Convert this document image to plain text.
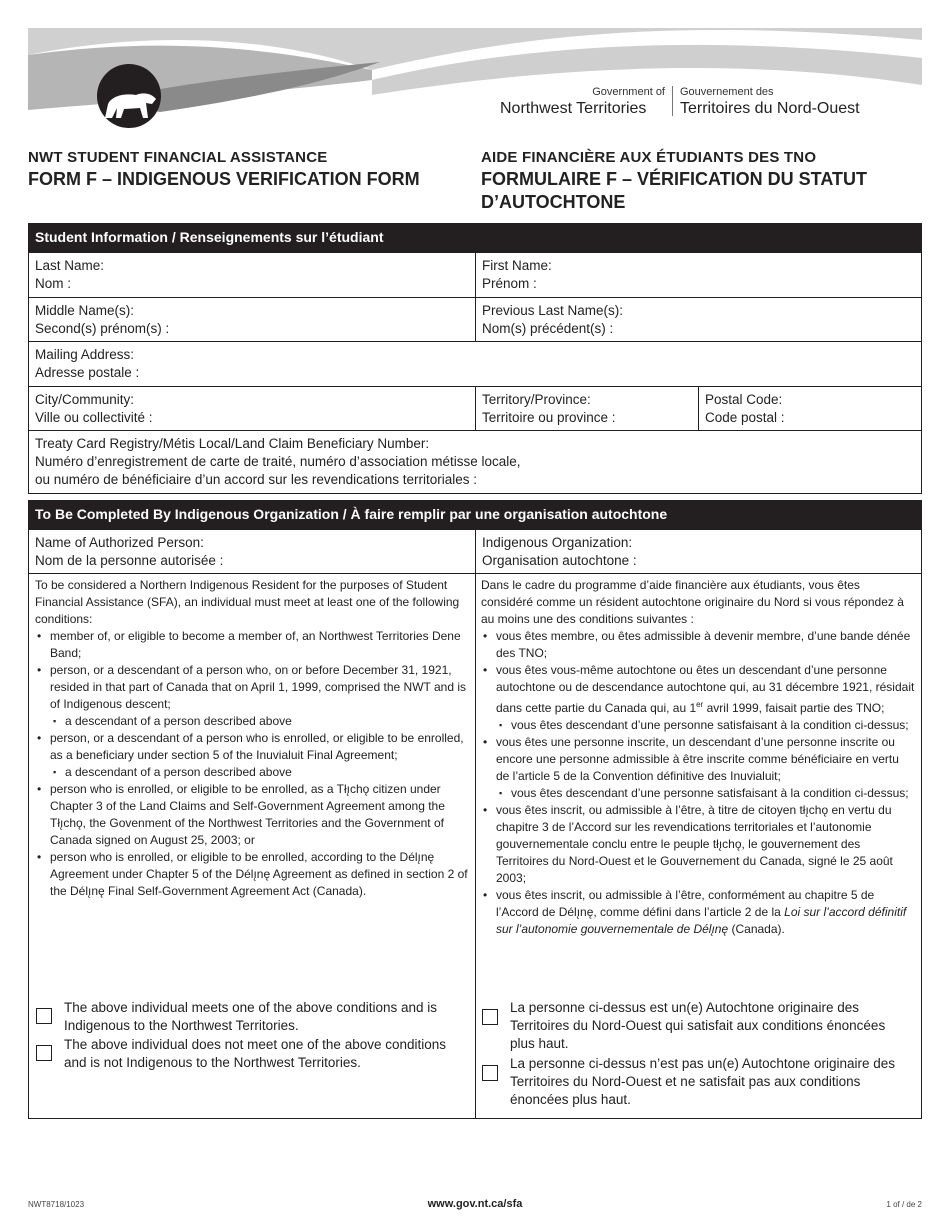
Government of
Northwest Territories
Gouvernement des
Territoires du Nord-Ouest
NWT STUDENT FINANCIAL ASSISTANCE
FORM F – INDIGENOUS VERIFICATION FORM
AIDE FINANCIÈRE AUX ÉTUDIANTS DES TNO
FORMULAIRE F – VÉRIFICATION DU STATUT D’AUTOCHTONE
Student Information / Renseignements sur l’étudiant
Last Name:
Nom :
First Name:
Prénom :
Middle Name(s):
Second(s) prénom(s) :
Previous Last Name(s):
Nom(s) précédent(s) :
Mailing Address:
Adresse postale :
City/Community:
Ville ou collectivité :
Territory/Province:
Territoire ou province :
Postal Code:
Code postal :
Treaty Card Registry/Métis Local/Land Claim Beneficiary Number:
Numéro d’enregistrement de carte de traité, numéro d’association métisse locale,
ou numéro de bénéficiaire d’un accord sur les revendications territoriales :
To Be Completed By Indigenous Organization / À faire remplir par une organisation autochtone
Name of Authorized Person:
Nom de la personne autorisée :
Indigenous Organization:
Organisation autochtone :
To be considered a Northern Indigenous Resident for the purposes of Student Financial Assistance (SFA), an individual must meet at least one of the following conditions:
• member of, or eligible to become a member of, an Northwest Territories Dene Band;
• person, or a descendant of a person who, on or before December 31, 1921, resided in that part of Canada that on April 1, 1999, comprised the NWT and is of Indigenous descent;
▪ a descendant of a person described above
• person, or a descendant of a person who is enrolled, or eligible to be enrolled, as a beneficiary under section 5 of the Inuvialuit Final Agreement;
▪ a descendant of a person described above
• person who is enrolled, or eligible to be enrolled, as a Tłı̨chǫ citizen under Chapter 3 of the Land Claims and Self-Government Agreement among the Tłı̨chǫ, the Govenment of the Northwest Territories and the Government of Canada signed on August 25, 2003; or
• person who is enrolled, or eligible to be enrolled, according to the Délı̨nę Agreement under Chapter 5 of the Délı̨nę Agreement as defined in section 2 of the Délı̨nę Final Self-Government Agreement Act (Canada).
Dans le cadre du programme d’aide financière aux étudiants, vous êtes considéré comme un résident autochtone originaire du Nord si vous répondez à au moins une des conditions suivantes :
• vous êtes membre, ou êtes admissible à devenir membre, d’une bande dénée des TNO;
• vous êtes vous-même autochtone ou êtes un descendant d’une personne autochtone ou de descendance autochtone qui, au 31 décembre 1921, résidait dans cette partie du Canada qui, au 1er avril 1999, faisait partie des TNO;
▪ vous êtes descendant d’une personne satisfaisant à la condition ci-dessus;
• vous êtes une personne inscrite, un descendant d’une personne inscrite ou encore une personne admissible à être inscrite comme bénéficiaire en vertu de l’article 5 de la Convention définitive des Inuvialuit;
▪ vous êtes descendant d’une personne satisfaisant à la condition ci-dessus;
• vous êtes inscrit, ou admissible à l’être, à titre de citoyen tłı̨chǫ en vertu du chapitre 3 de l’Accord sur les revendications territoriales et l’autonomie gouvernementale conclu entre le peuple tłı̨chǫ, le gouvernement des Territoires du Nord-Ouest et le Gouvernement du Canada, signé le 25 août 2003;
• vous êtes inscrit, ou admissible à l’être, conformément au chapitre 5 de l’Accord de Délı̨nę, comme défini dans l’article 2 de la Loi sur l’accord définitif sur l’autonomie gouvernementale de Délı̨nę (Canada).
The above individual meets one of the above conditions and is Indigenous to the Northwest Territories.
The above individual does not meet one of the above conditions and is not Indigenous to the Northwest Territories.
La personne ci-dessus est un(e) Autochtone originaire des Territoires du Nord-Ouest qui satisfait aux conditions énoncées plus haut.
La personne ci-dessus n’est pas un(e) Autochtone originaire des Territoires du Nord-Ouest et ne satisfait pas aux conditions énoncées plus haut.
NWT8718/1023	www.gov.nt.ca/sfa	1 of / de 2
